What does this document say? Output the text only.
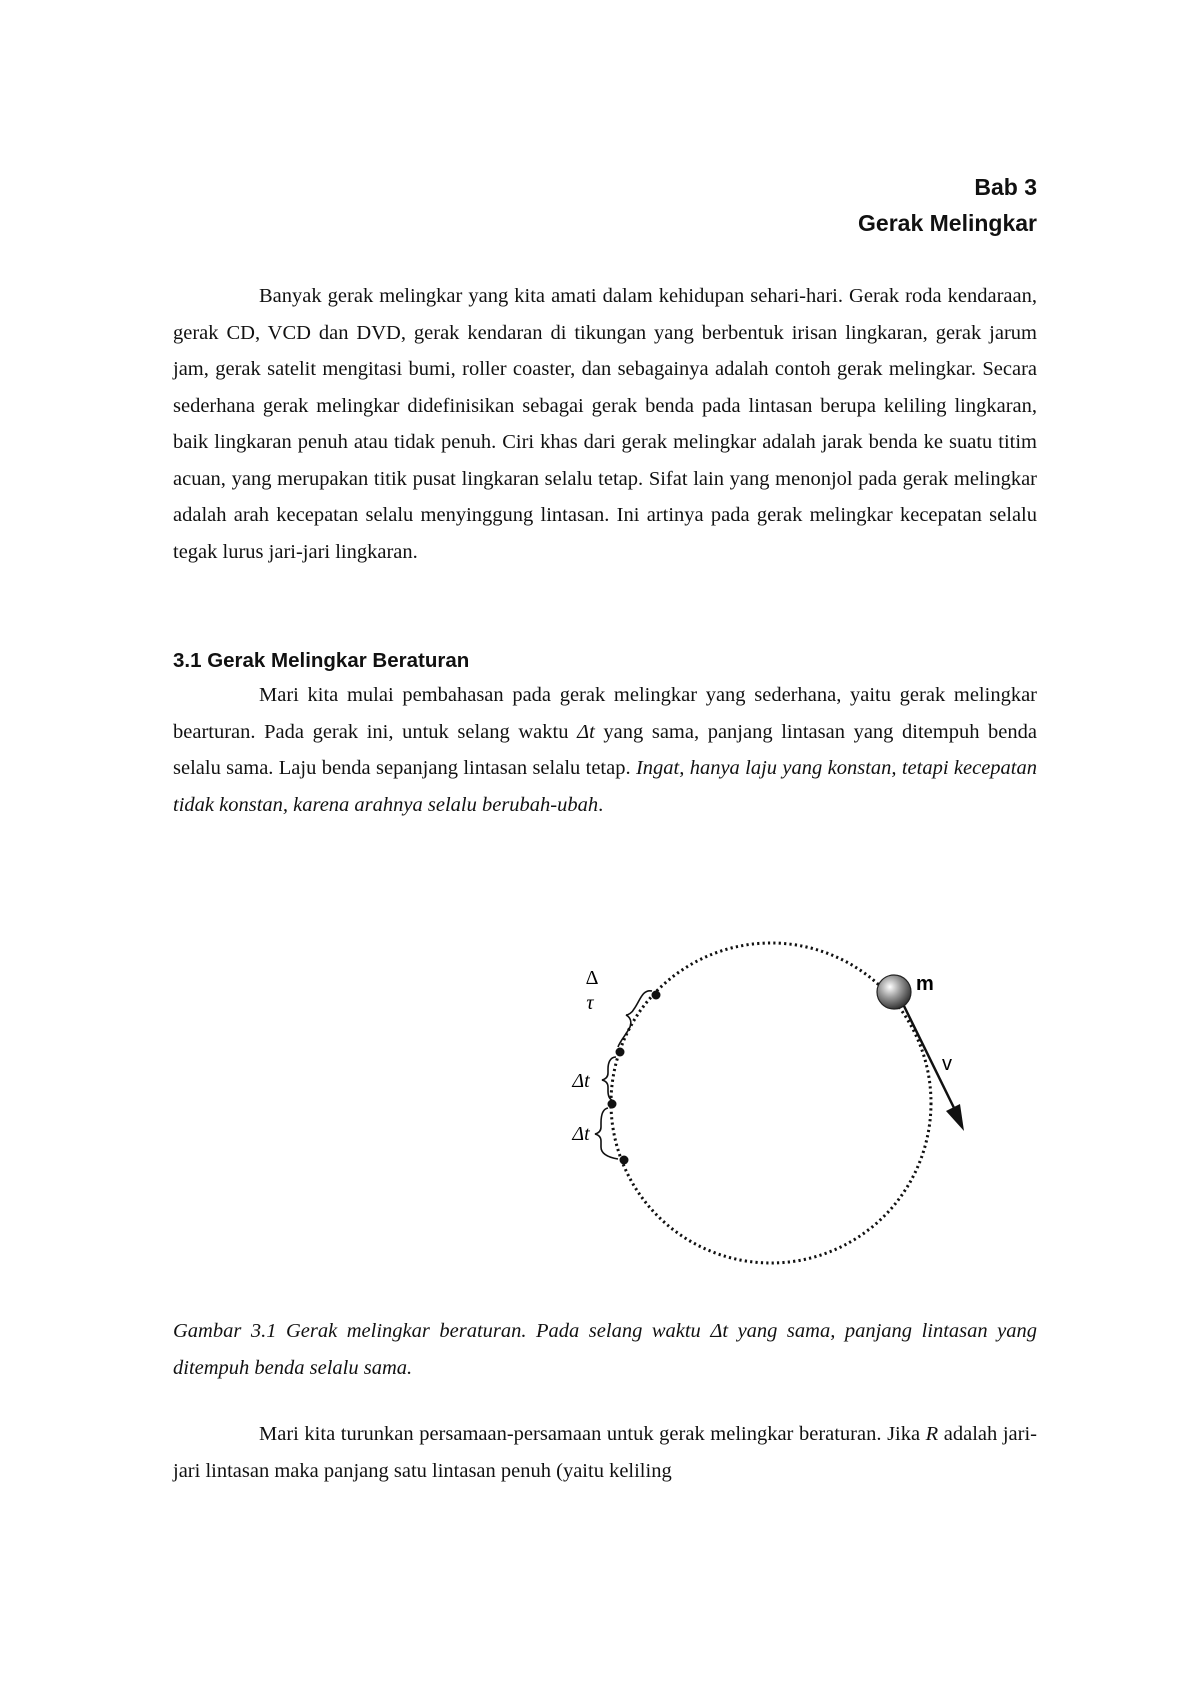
Bab 3
Gerak Melingkar

Banyak gerak melingkar yang kita amati dalam kehidupan sehari-hari. Gerak roda kendaraan, gerak CD, VCD dan DVD, gerak kendaran di tikungan yang berbentuk irisan lingkaran, gerak jarum jam, gerak satelit mengitasi bumi, roller coaster, dan sebagainya adalah contoh gerak melingkar. Secara sederhana gerak melingkar didefinisikan sebagai gerak benda pada lintasan berupa keliling lingkaran, baik lingkaran penuh atau tidak penuh. Ciri khas dari gerak melingkar adalah jarak benda ke suatu titim acuan, yang merupakan titik pusat lingkaran selalu tetap. Sifat lain yang menonjol pada gerak melingkar adalah arah kecepatan selalu menyinggung lintasan. Ini artinya pada gerak melingkar kecepatan selalu tegak lurus jari-jari lingkaran.

3.1 Gerak Melingkar Beraturan

Mari kita mulai pembahasan pada gerak melingkar yang sederhana, yaitu gerak melingkar bearturan. Pada gerak ini, untuk selang waktu Δt yang sama, panjang lintasan yang ditempuh benda selalu sama. Laju benda sepanjang lintasan selalu tetap. Ingat, hanya laju yang konstan, tetapi kecepatan tidak konstan, karena arahnya selalu berubah-ubah.

Δ
τ
Δt
Δt
m
v

Gambar 3.1 Gerak melingkar beraturan. Pada selang waktu Δt yang sama, panjang lintasan yang ditempuh benda selalu sama.

Mari kita turunkan persamaan-persamaan untuk gerak melingkar beraturan. Jika R adalah jari-jari lintasan maka panjang satu lintasan penuh (yaitu keliling
